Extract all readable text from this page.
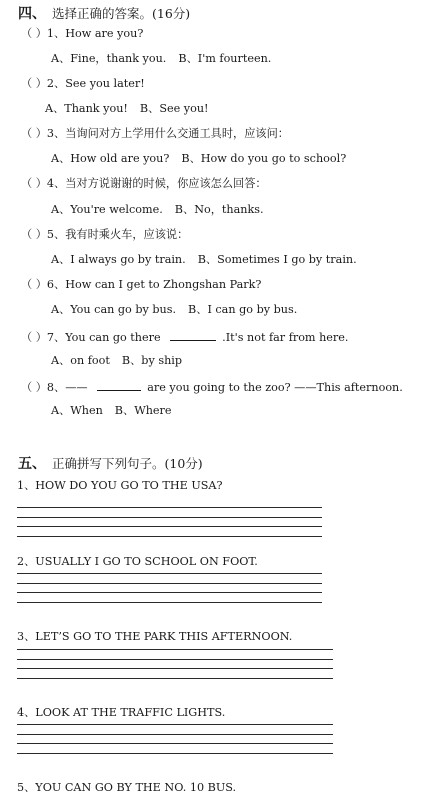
四、 选择正确的答案。(16分)
（ ）1、How are you?
A、Fine，thank you. B、I'm fourteen.
（ ）2、See you later!
A、Thank you! B、See you!
（ ）3、当询问对方上学用什么交通工具时，应该问：
A、How old are you? B、How do you go to school?
（ ）4、当对方说谢谢的时候，你应该怎么回答：
A、You're welcome. B、No，thanks.
（ ）5、我有时乘火车，应该说：
A、I always go by train. B、Sometimes I go by train.
（ ）6、How can I get to Zhongshan Park?
A、You can go by bus. B、I can go by bus.
（ ）7、You can go there	.It's not far from here.
A、on foot B、by ship
（ ）8、——	are you going to the zoo? ——This afternoon.
A、When B、Where
五、 正确拼写下列句子。(10分)
1、HOW DO YOU GO TO THE USA?
2、USUALLY I GO TO SCHOOL ON FOOT.
3、LET’S GO TO THE PARK THIS AFTERNOON.
4、LOOK AT THE TRAFFIC LIGHTS.
5、YOU CAN GO BY THE NO. 10 BUS.
